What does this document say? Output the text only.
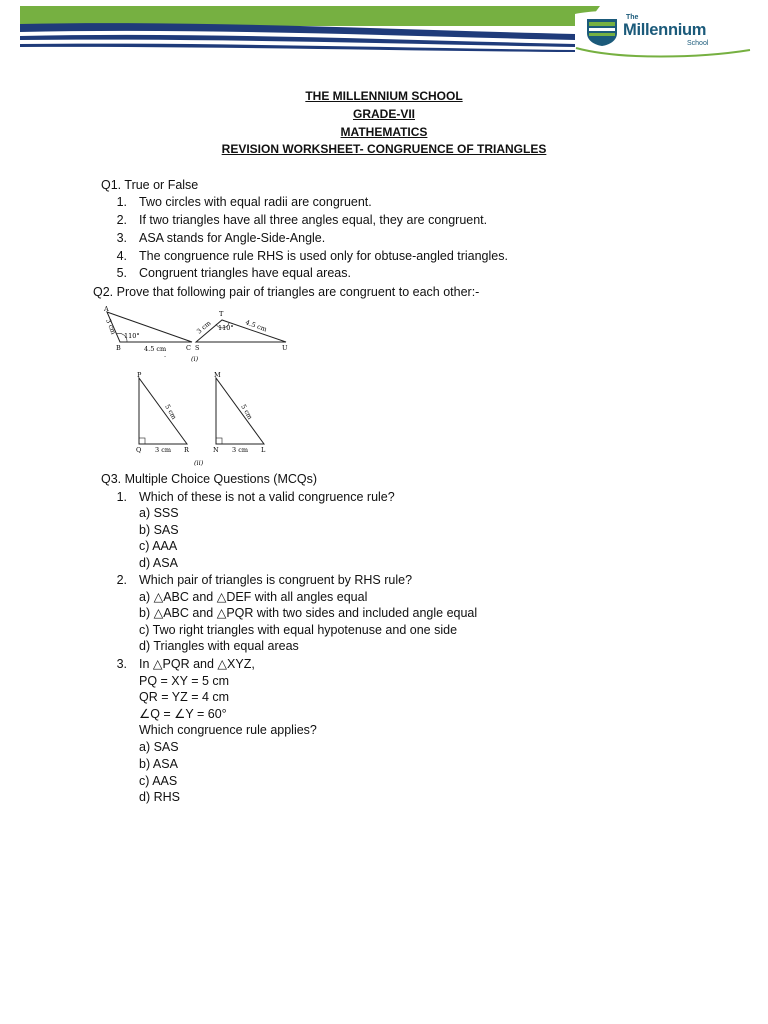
The
Millennium
School
THE MILLENNIUM SCHOOL
GRADE-VII
MATHEMATICS
REVISION WORKSHEET- CONGRUENCE OF TRIANGLES
Q1. True or False
1. Two circles with equal radii are congruent.
2. If two triangles have all three angles equal, they are congruent.
3. ASA stands for Angle-Side-Angle.
4. The congruence rule RHS is used only for obtuse-angled triangles.
5. Congruent triangles have equal areas.
Q2. Prove that following pair of triangles are congruent to each other:-
A
B	C
3 cm
110°
4.5 cm
·
T
S	U
3 cm 110° 4.5 cm
(i)
P
Q	R
5 cm
3 cm
M
N	L
5 cm
3 cm
(ii)
Q3. Multiple Choice Questions (MCQs)
1. Which of these is not a valid congruence rule?
a) SSS
b) SAS
c) AAA
d) ASA
2. Which pair of triangles is congruent by RHS rule?
a) △ABC and △DEF with all angles equal
b) △ABC and △PQR with two sides and included angle equal
c) Two right triangles with equal hypotenuse and one side
d) Triangles with equal areas
3. In △PQR and △XYZ,
PQ = XY = 5 cm
QR = YZ = 4 cm
∠Q = ∠Y = 60°
Which congruence rule applies?
a) SAS
b) ASA
c) AAS
d) RHS
